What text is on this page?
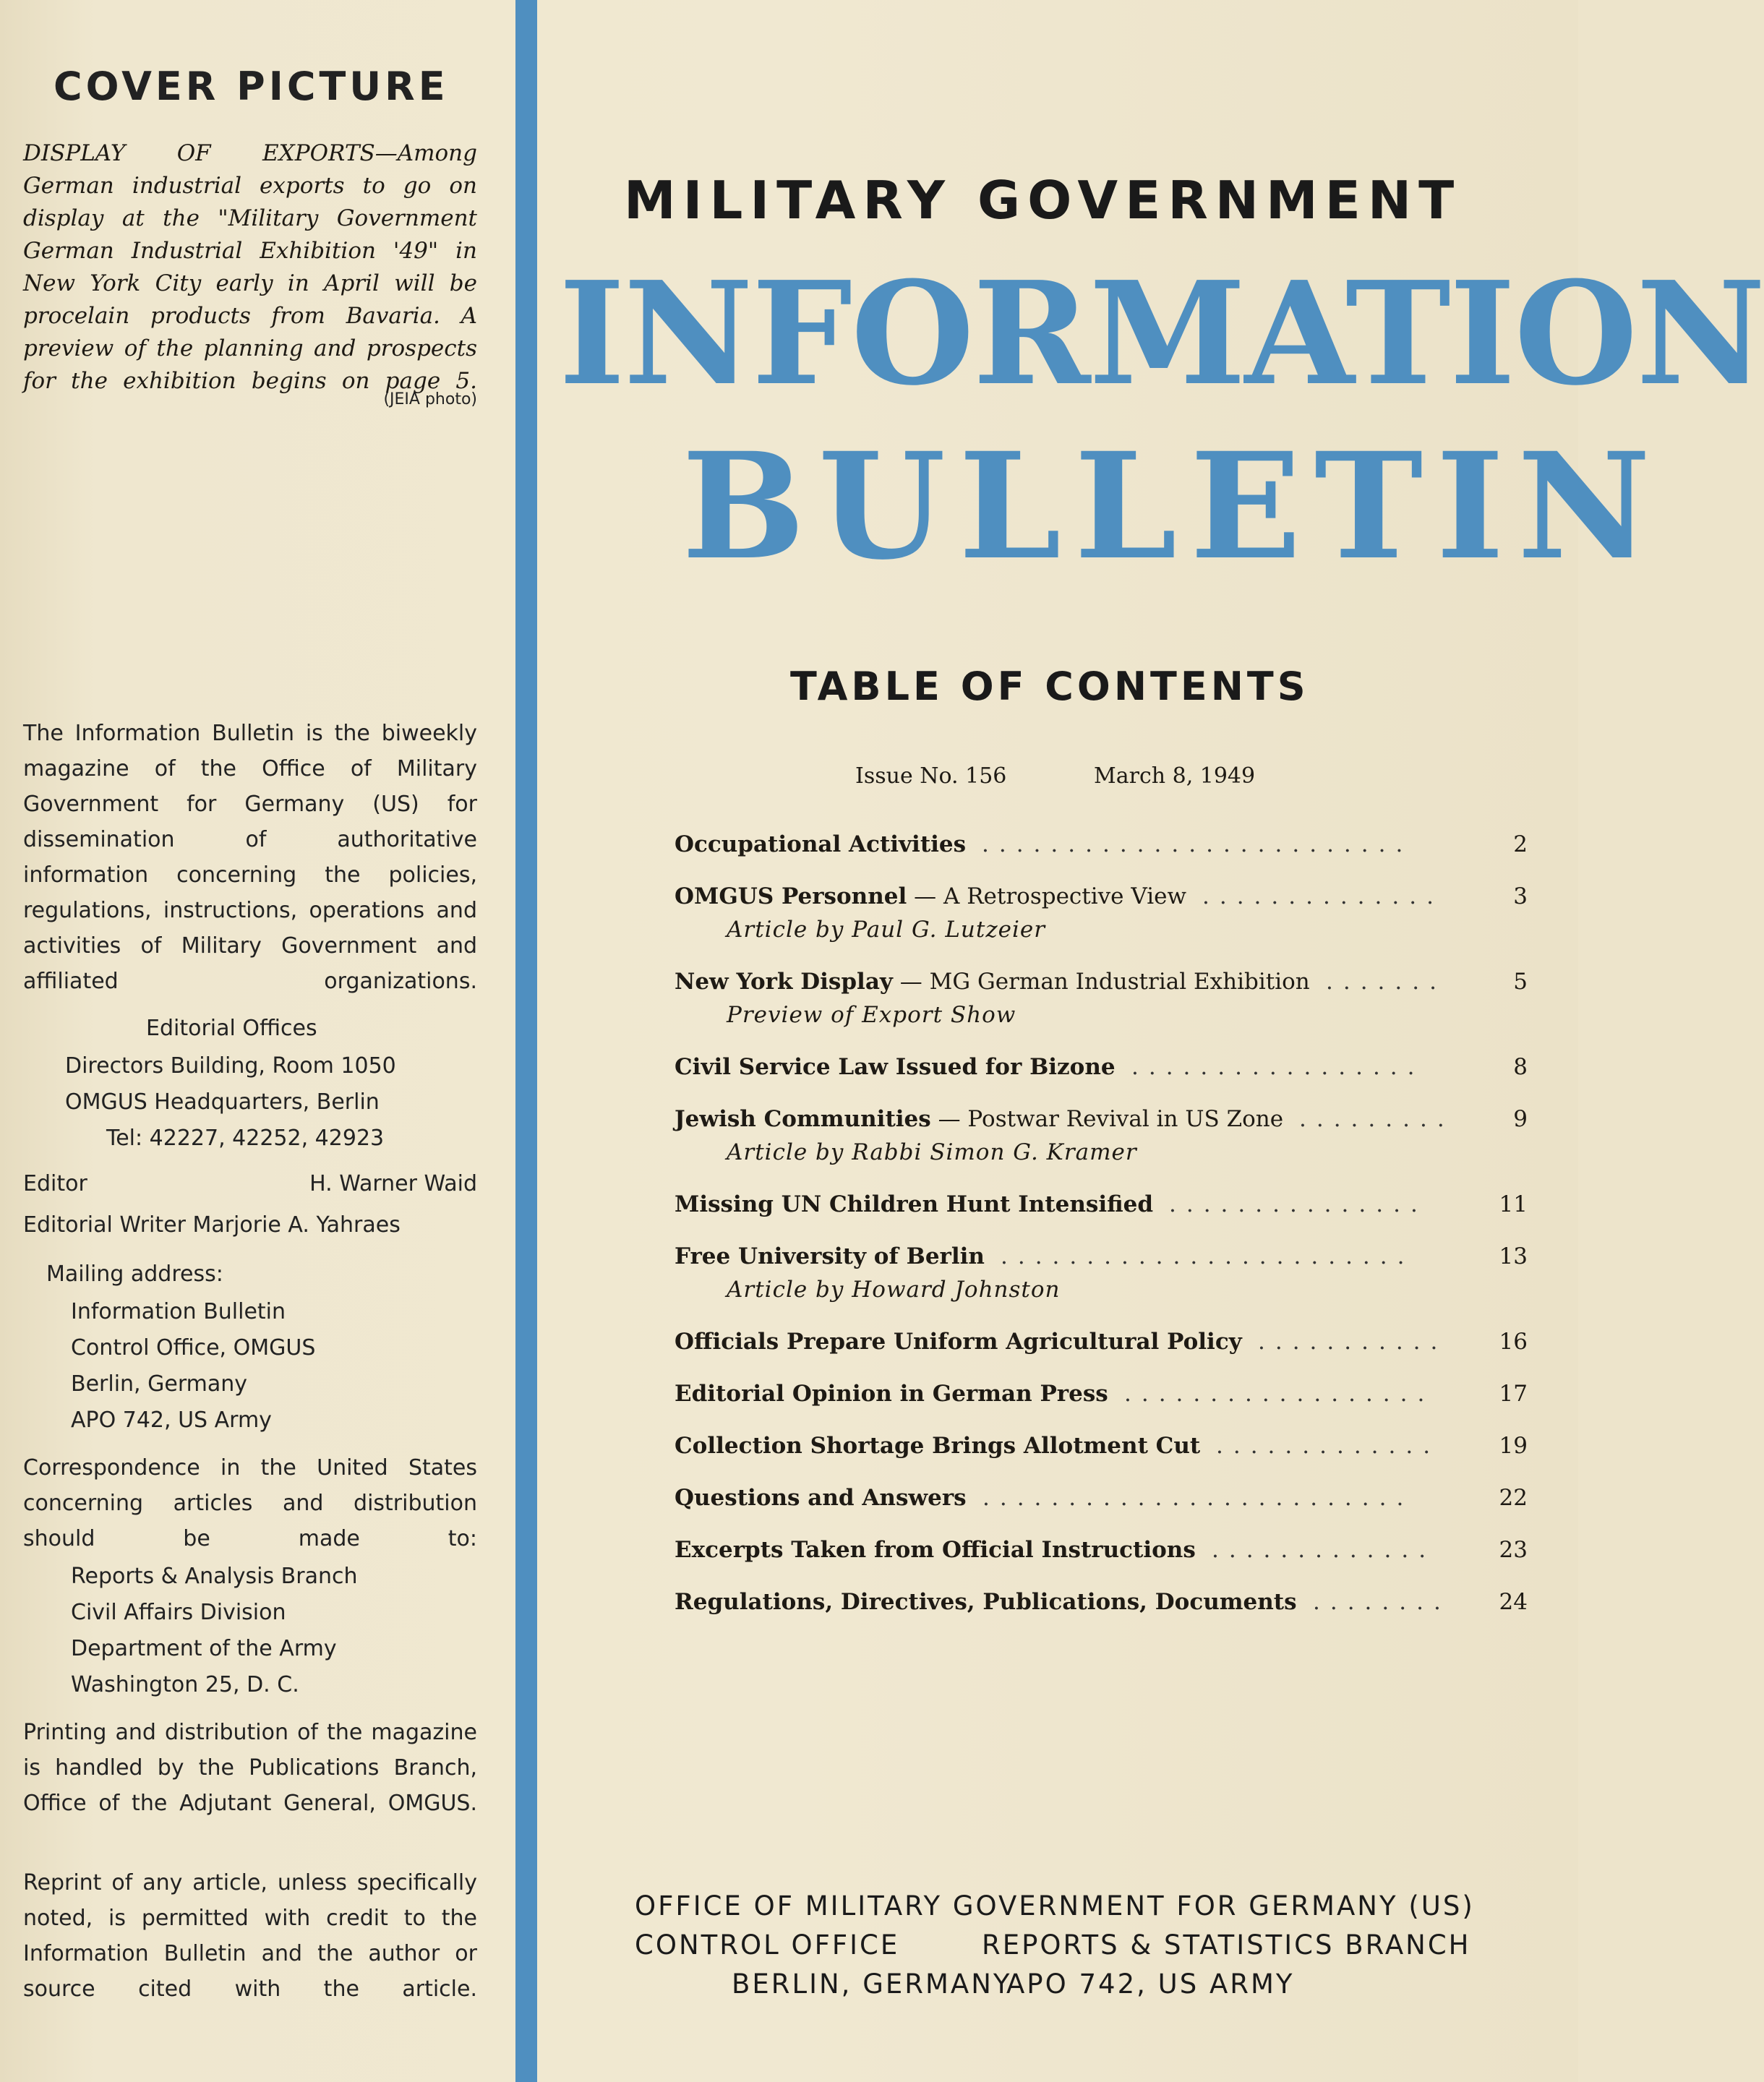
COVER PICTURE
DISPLAY OF EXPORTS—Among German industrial exports to go on display at the "Military Government German Industrial Exhibition '49" in New York City early in April will be procelain products from Bavaria. A preview of the planning and prospects for the exhibition begins on page 5.
(JEIA photo)
The Information Bulletin is the biweekly magazine of the Office of Military Government for Germany (US) for dissemination of authoritative information concerning the policies, regulations, instructions, operations and activities of Military Government and affiliated organizations.
Editorial Offices
Directors Building, Room 1050
OMGUS Headquarters, Berlin
Tel: 42227, 42252, 42923
Editor	H. Warner Waid
Editorial Writer Marjorie A. Yahraes
Mailing address:
Information Bulletin
Control Office, OMGUS
Berlin, Germany
APO 742, US Army
Correspondence in the United States concerning articles and distribution should be made to:
Reports & Analysis Branch
Civil Affairs Division
Department of the Army
Washington 25, D. C.
Printing and distribution of the magazine is handled by the Publications Branch, Office of the Adjutant General, OMGUS.
Reprint of any article, unless specifically noted, is permitted with credit to the Information Bulletin and the author or source cited with the article.
MILITARY GOVERNMENT
INFORMATION
BULLETIN
TABLE OF CONTENTS
Issue No. 156	March 8, 1949
Occupational Activities .........................	2
OMGUS Personnel — A Retrospective View ..............	3
Article by Paul G. Lutzeier
New York Display — MG German Industrial Exhibition .......	5
Preview of Export Show
Civil Service Law Issued for Bizone .................	8
Jewish Communities — Postwar Revival in US Zone .........	9
Article by Rabbi Simon G. Kramer
Missing UN Children Hunt Intensified ...............	11
Free University of Berlin ........................	13
Article by Howard Johnston
Officials Prepare Uniform Agricultural Policy ...........	16
Editorial Opinion in German Press ..................	17
Collection Shortage Brings Allotment Cut .............	19
Questions and Answers .........................	22
Excerpts Taken from Official Instructions .............	23
Regulations, Directives, Publications, Documents ........	24
OFFICE OF MILITARY GOVERNMENT FOR GERMANY (US)
CONTROL OFFICE	REPORTS & STATISTICS BRANCH
BERLIN, GERMANY
APO 742, US ARMY
